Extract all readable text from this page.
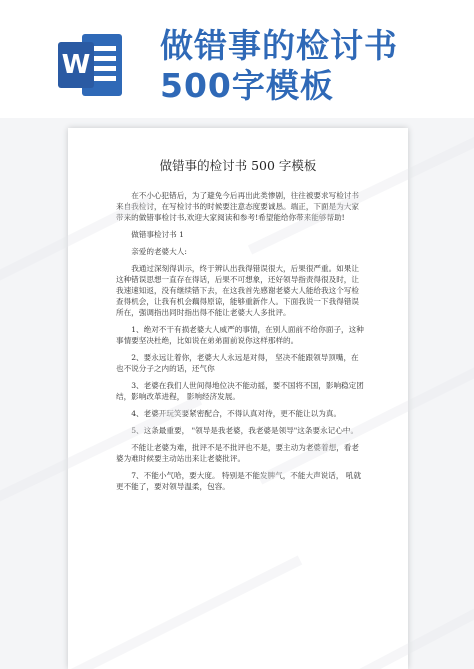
W 做错事的检讨书500字模板
做错事的检讨书 500 字模板

在不小心犯错后，为了避免今后再出此类惨剧，往往被要求写检讨书来自我检讨，在写检讨书的时候要注意态度要诚恳。端正，下面是为大家带来的做错事检讨书,欢迎大家阅读和参考!希望能给你带来能够帮助!

做错事检讨书 1

亲爱的老婆大人:

我通过深刻得训示，终于辨认出我得错误很大，后果很严重。如果让这种错误思想一直存在得话，后果不可想象，还好领导指责得很及时，让我速速知返，没有继续错下去，在这我首先感谢老婆大人能给我这个写检查得机会，让我有机会藕得原谅，能够重新作人。下面我说一下我得错误所在，强调指出同时指出得不能让老婆大人多批评。

1、绝对不干有损老婆大人威严的事情，在别人面前不给你面子，这种事情要坚决杜绝，比如说在弟弟面前说你这样那样的。

2、要永远让着你，老婆大人永远是对得， 坚决不能跟领导顶嘴，在也不说分子之内的话，还气你

3、老婆在我们人世间得地位决不能动摇，要不国将不国，影响稳定团结，影响改革进程， 影响经济发展。

4、老婆开玩笑要紧密配合，不得认真对待，更不能让以为真。

5、这条最重要， "领导是我老婆，我老婆是领导"这条要永记心中。

不能让老婆为难，批评不是不批评也不是，要主动为老婆着想，看老婆为难时候要主动站出来让老婆批评。

7、不能小气哈，要大度。 特别是不能发脾气，不能大声说话， 吼就更不能了，要对领导温柔，包容。
